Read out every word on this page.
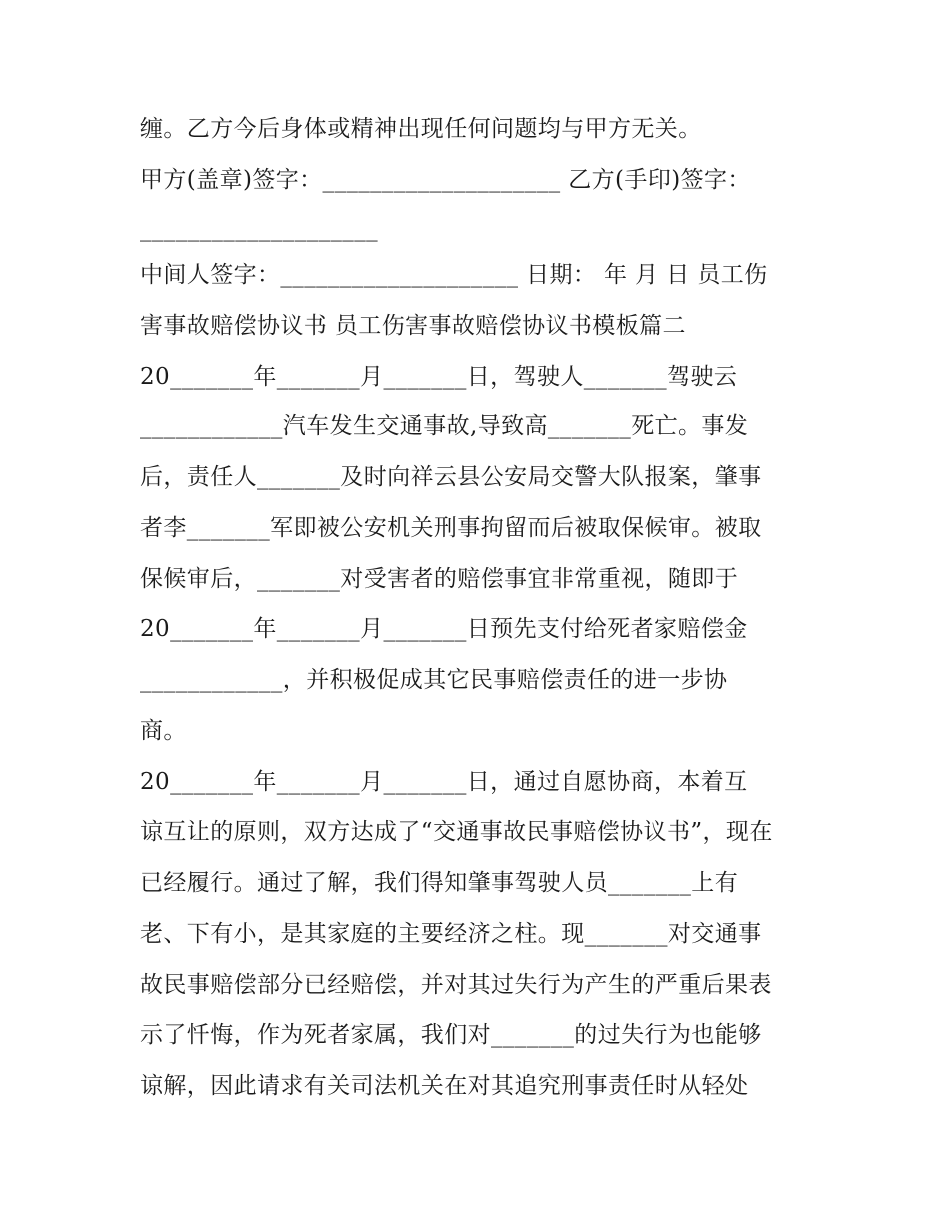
缠。乙方今后身体或精神出现任何问题均与甲方无关。
甲方(盖章)签字：____________________ 乙方(手印)签字：
____________________
中间人签字：____________________ 日期： 年 月 日 员工伤
害事故赔偿协议书 员工伤害事故赔偿协议书模板篇二
20_______年_______月_______日，驾驶人_______驾驶云
____________汽车发生交通事故,导致高_______死亡。事发
后，责任人_______及时向祥云县公安局交警大队报案，肇事
者李_______军即被公安机关刑事拘留而后被取保候审。被取
保候审后，_______对受害者的赔偿事宜非常重视，随即于
20_______年_______月_______日预先支付给死者家赔偿金
____________，并积极促成其它民事赔偿责任的进一步协
商。
20_______年_______月_______日，通过自愿协商，本着互
谅互让的原则，双方达成了“交通事故民事赔偿协议书”，现在
已经履行。通过了解，我们得知肇事驾驶人员_______上有
老、下有小，是其家庭的主要经济之柱。现_______对交通事
故民事赔偿部分已经赔偿，并对其过失行为产生的严重后果表
示了忏悔，作为死者家属，我们对_______的过失行为也能够
谅解，因此请求有关司法机关在对其追究刑事责任时从轻处
